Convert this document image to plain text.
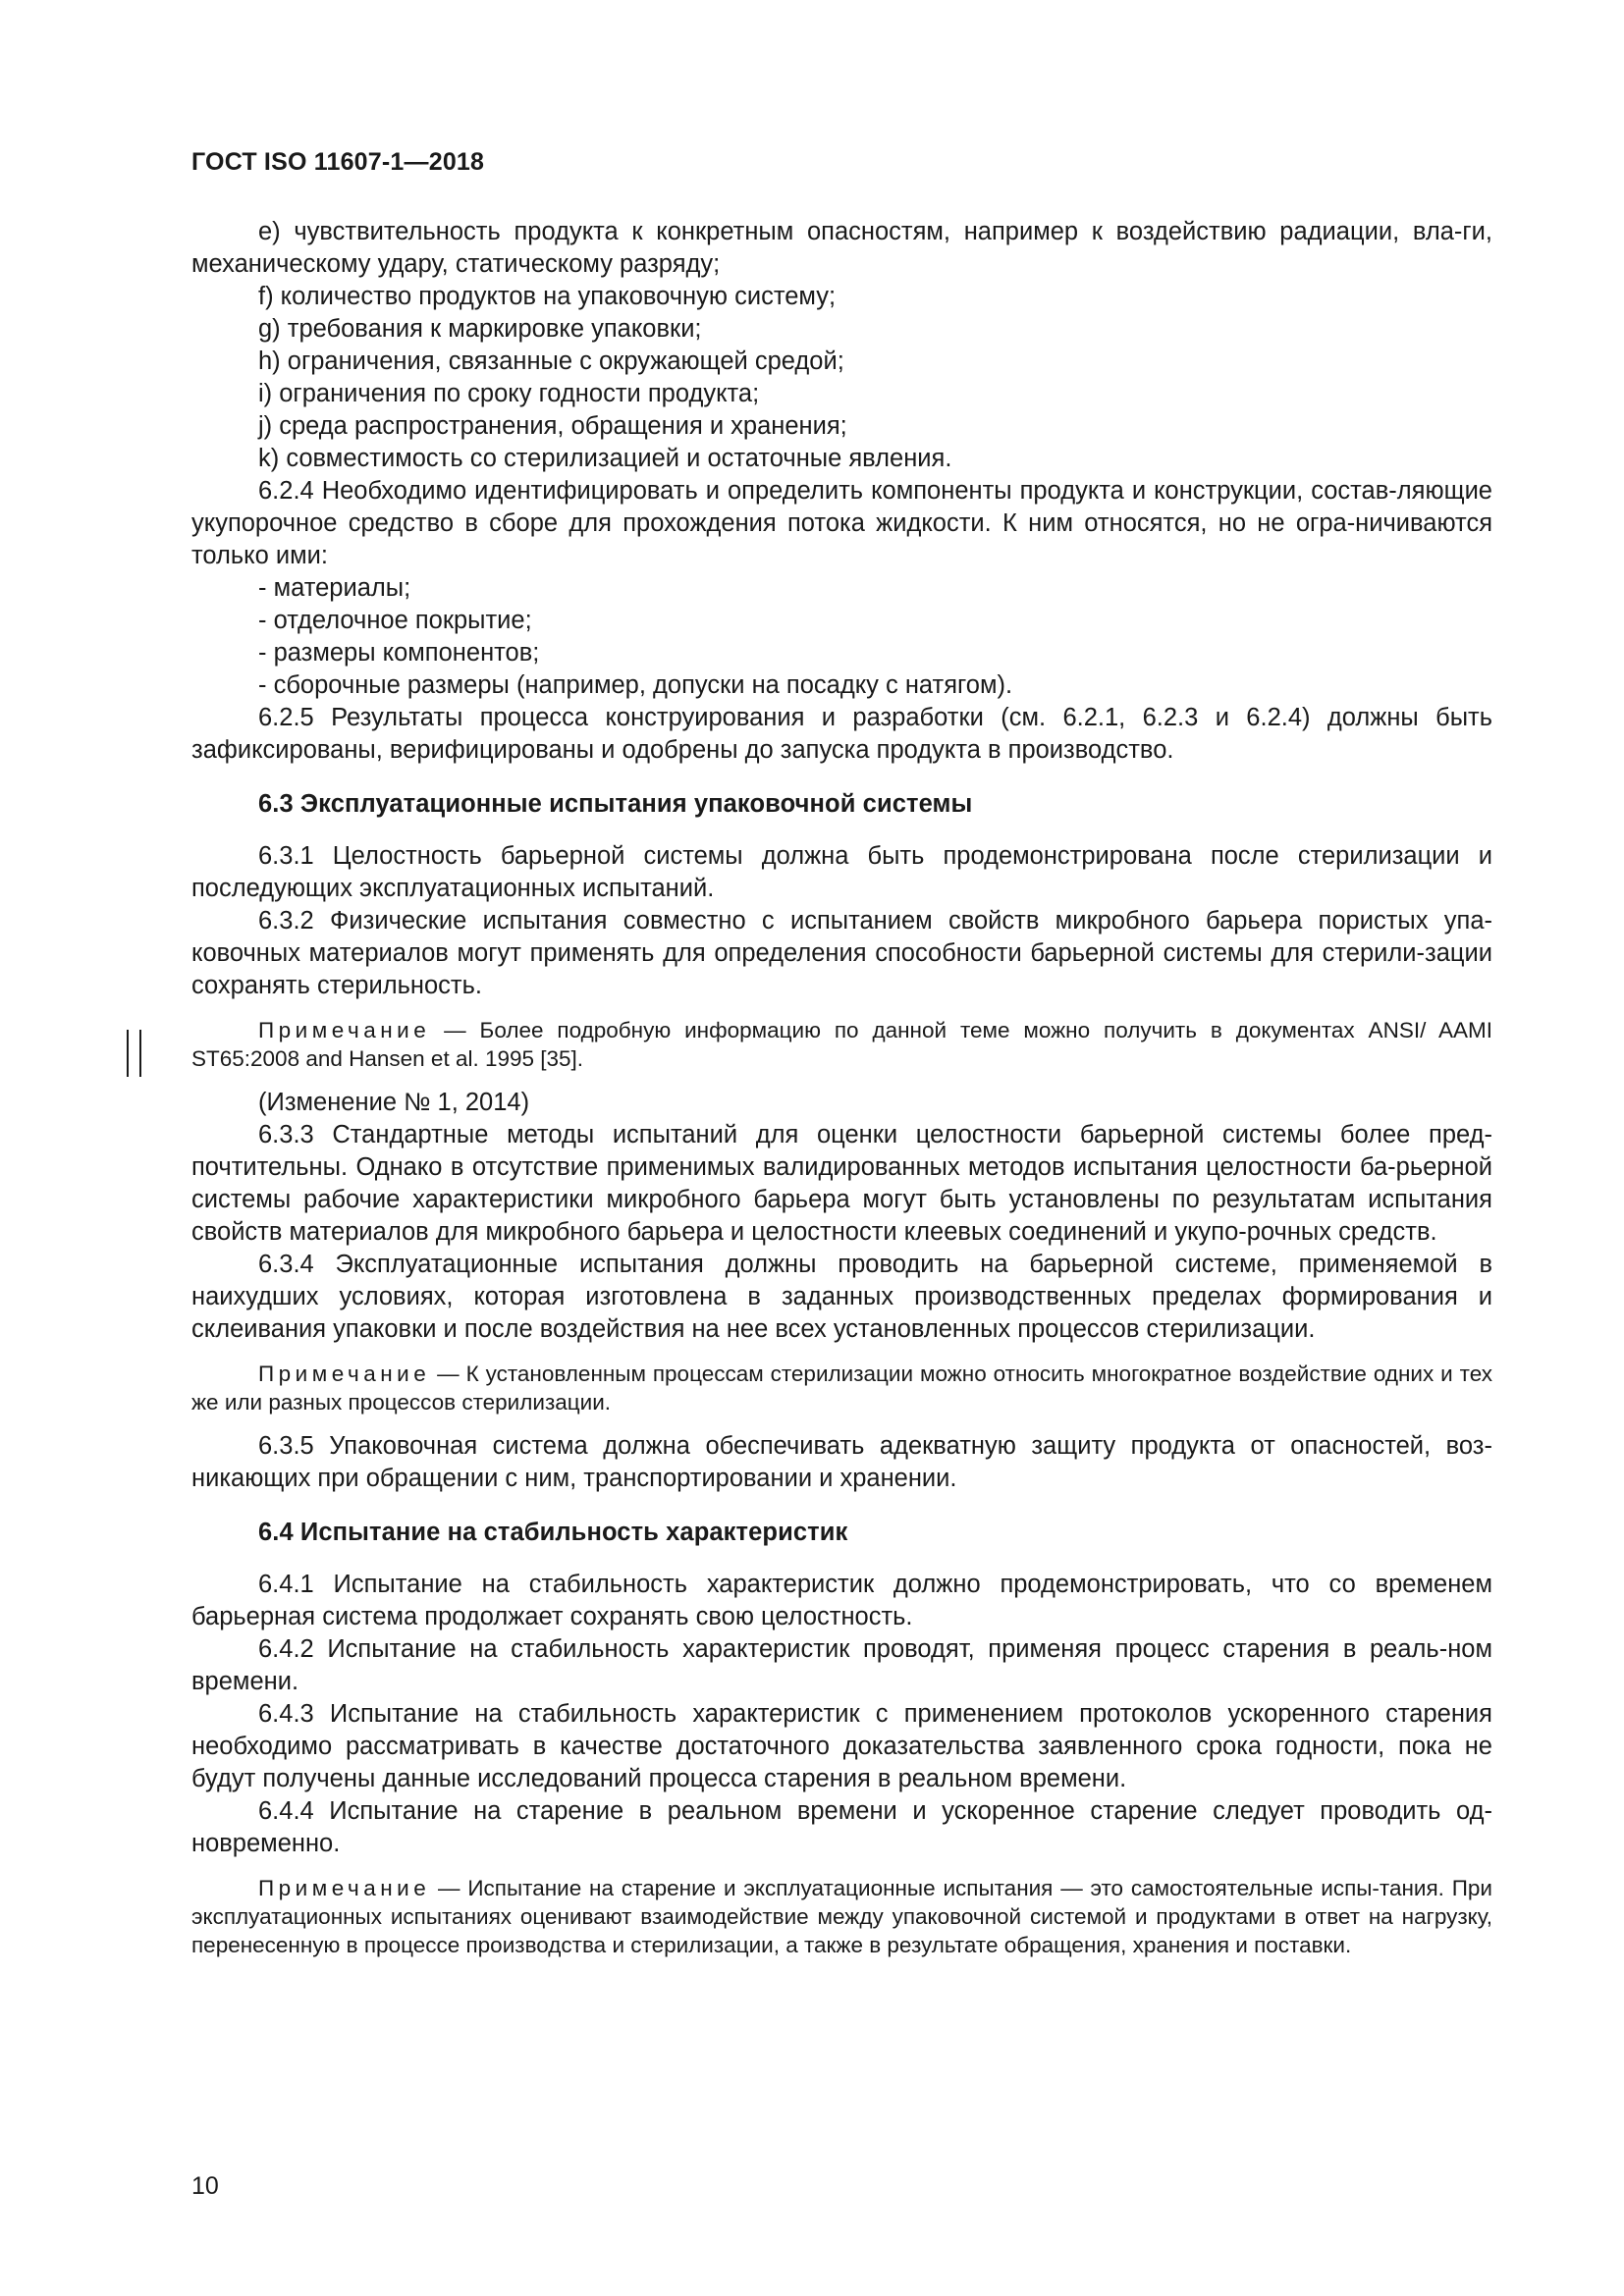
ГОСТ ISO 11607-1—2018

е) чувствительность продукта к конкретным опасностям, например к воздействию радиации, вла-ги, механическому удару, статическому разряду;

f) количество продуктов на упаковочную систему;

g) требования к маркировке упаковки;

h) ограничения, связанные с окружающей средой;

i) ограничения по сроку годности продукта;

j) среда распространения, обращения и хранения;

k) совместимость со стерилизацией и остаточные явления.

6.2.4 Необходимо идентифицировать и определить компоненты продукта и конструкции, состав-ляющие укупорочное средство в сборе для прохождения потока жидкости. К ним относятся, но не огра-ничиваются только ими:

- материалы;

- отделочное покрытие;

- размеры компонентов;

- сборочные размеры (например, допуски на посадку с натягом).

6.2.5 Результаты процесса конструирования и разработки (см. 6.2.1, 6.2.3 и 6.2.4) должны быть зафиксированы, верифицированы и одобрены до запуска продукта в производство.

6.3 Эксплуатационные испытания упаковочной системы

6.3.1 Целостность барьерной системы должна быть продемонстрирована после стерилизации и последующих эксплуатационных испытаний.

6.3.2 Физические испытания совместно с испытанием свойств микробного барьера пористых упа-ковочных материалов могут применять для определения способности барьерной системы для стерили-зации сохранять стерильность.

Примечание — Более подробную информацию по данной теме можно получить в документах ANSI/ AAMI ST65:2008 and Hansen et al. 1995 [35].

(Изменение № 1, 2014)

6.3.3 Стандартные методы испытаний для оценки целостности барьерной системы более пред-почтительны. Однако в отсутствие применимых валидированных методов испытания целостности ба-рьерной системы рабочие характеристики микробного барьера могут быть установлены по результатам испытания свойств материалов для микробного барьера и целостности клеевых соединений и укупо-рочных средств.

6.3.4 Эксплуатационные испытания должны проводить на барьерной системе, применяемой в наихудших условиях, которая изготовлена в заданных производственных пределах формирования и склеивания упаковки и после воздействия на нее всех установленных процессов стерилизации.

Примечание — К установленным процессам стерилизации можно относить многократное воздействие одних и тех же или разных процессов стерилизации.

6.3.5 Упаковочная система должна обеспечивать адекватную защиту продукта от опасностей, воз-никающих при обращении с ним, транспортировании и хранении.

6.4 Испытание на стабильность характеристик

6.4.1 Испытание на стабильность характеристик должно продемонстрировать, что со временем барьерная система продолжает сохранять свою целостность.

6.4.2 Испытание на стабильность характеристик проводят, применяя процесс старения в реаль-ном времени.

6.4.3 Испытание на стабильность характеристик с применением протоколов ускоренного старения необходимо рассматривать в качестве достаточного доказательства заявленного срока годности, пока не будут получены данные исследований процесса старения в реальном времени.

6.4.4 Испытание на старение в реальном времени и ускоренное старение следует проводить од-новременно.

Примечание — Испытание на старение и эксплуатационные испытания — это самостоятельные испы-тания. При эксплуатационных испытаниях оценивают взаимодействие между упаковочной системой и продуктами в ответ на нагрузку, перенесенную в процессе производства и стерилизации, а также в результате обращения, хранения и поставки.
10
